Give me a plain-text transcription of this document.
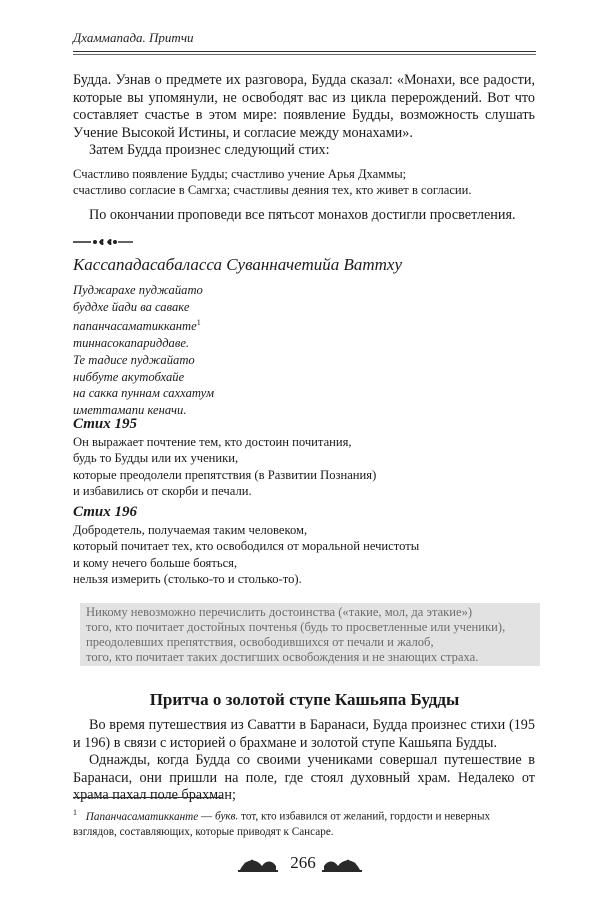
Дхаммапада. Притчи

Будда. Узнав о предмете их разговора, Будда сказал: «Монахи, все радости, которые вы упомянули, не освободят вас из цикла перерождений. Вот что составляет счастье в этом мире: появление Будды, возможность слушать Учение Высокой Истины, и согласие между монахами».

Затем Будда произнес следующий стих:

Счастливо появление Будды; счастливо учение Арья Дхаммы;

счастливо согласие в Самгха; счастливы деяния тех, кто живет в согласии.

По окончании проповеди все пятьсот монахов достигли просветления.

Кассападасабаласса Суванначетийа Ваттху
Пуджарахе пуджайато
буддхе йади ва саваке
папанчасаматикканте$^1$
тиннасокапариддаве.
Те тадисе пуджайато
ниббуте акутобхайе
на сакка пуннам саххатум
иметтамапи кеначи.

Стих 195

Он выражает почтение тем, кто достоин почитания,
будь то Будды или их ученики,
которые преодолели препятствия (в Развитии Познания)
и избавились от скорби и печали.

Стих 196

Добродетель, получаемая таким человеком,
который почитает тех, кто освободился от моральной нечистоты
и кому нечего больше бояться,
нельзя измерить (столько-то и столько-то).
Никому невозможно перечислить достоинства («такие, мол, да этакие»)
того, кто почитает достойных почтенья (будь то просветленные или ученики),
преодолевших препятствия, освободившихся от печали и жалоб,
того, кто почитает таких достигших освобождения и не знающих страха.
Притча о золотой ступе Кашьяпа Будды

Во время путешествия из Саватти в Баранаси, Будда произнес стихи (195 и 196) в связи с историей о брахмане и золотой ступе Кашьяпа Будды.

Однажды, когда Будда со своими учениками совершал путешествие в Баранаси, они пришли на поле, где стоял духовный храм. Недалеко от храма пахал поле брахман;

$^1$ Папанчасаматикканте — букв. тот, кто избавился от желаний, гордости и неверных взглядов, составляющих, которые приводят к Сансаре.
266
